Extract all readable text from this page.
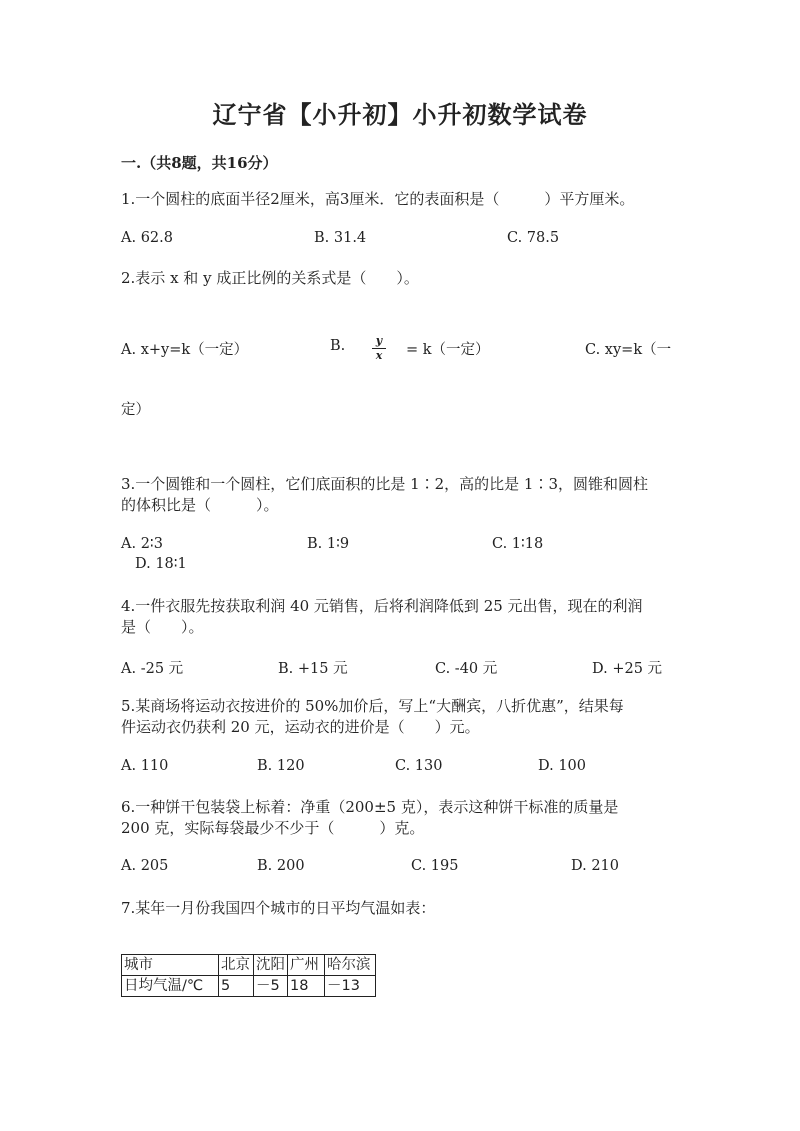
辽宁省【小升初】小升初数学试卷
一.（共8题，共16分）
1.一个圆柱的底面半径2厘米，高3厘米．它的表面积是（　　　）平方厘米。
A. 62.8	B. 31.4	C. 78.5
2.表示 x 和 y 成正比例的关系式是（　　）。
A. x+y=k（一定）	B.	y
x = k（一定）	C. xy=k（一
定）
3.一个圆锥和一个圆柱，它们底面积的比是 1∶2，高的比是 1∶3，圆锥和圆柱
的体积比是（　　　）。
A. 2∶3	B. 1∶9	C. 1∶18
D. 18∶1
4.一件衣服先按获取利润 40 元销售，后将利润降低到 25 元出售，现在的利润
是（　　）。
A. -25 元	B. +15 元	C. -40 元	D. +25 元
5.某商场将运动衣按进价的 50%加价后，写上“大酬宾，八折优惠”，结果每
件运动衣仍获利 20 元，运动衣的进价是（　　）元。
A. 110	B. 120	C. 130	D. 100
6.一种饼干包装袋上标着：净重（200±5 克），表示这种饼干标准的质量是
200 克，实际每袋最少不少于（　　　）克。
A. 205	B. 200	C. 195	D. 210
7.某年一月份我国四个城市的日平均气温如表：
城市	北京	沈阳	广州	哈尔滨
日均气温/℃	5	－5	18	－13
